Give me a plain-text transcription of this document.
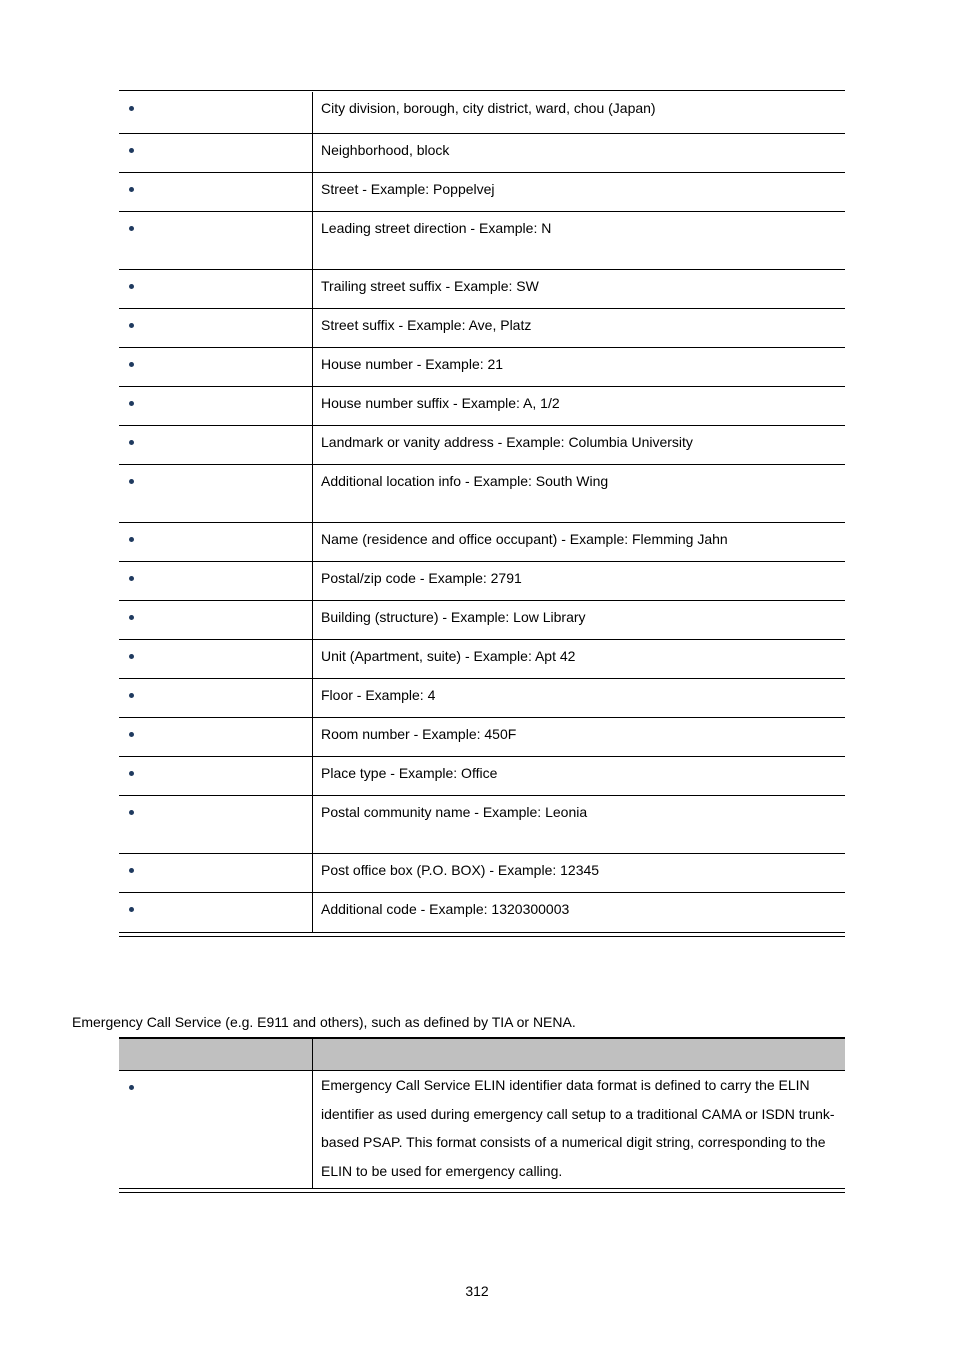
City division, borough, city district, ward, chou (Japan)
Neighborhood, block
Street - Example: Poppelvej
Leading street direction - Example: N
Trailing street suffix - Example: SW
Street suffix - Example: Ave, Platz
House number - Example: 21
House number suffix - Example: A, 1/2
Landmark or vanity address - Example: Columbia University
Additional location info - Example: South Wing
Name (residence and office occupant) - Example: Flemming Jahn
Postal/zip code - Example: 2791
Building (structure) - Example: Low Library
Unit (Apartment, suite) - Example: Apt 42
Floor - Example: 4
Room number - Example: 450F
Place type - Example: Office
Postal community name - Example: Leonia
Post office box (P.O. BOX) - Example: 12345
Additional code - Example: 1320300003
Emergency Call Service (e.g. E911 and others), such as defined by TIA or NENA.
Emergency Call Service ELIN identifier data format is defined to carry the ELIN identifier as used during emergency call setup to a traditional CAMA or ISDN trunk-based PSAP. This format consists of a numerical digit string, corresponding to the ELIN to be used for emergency calling.
312
